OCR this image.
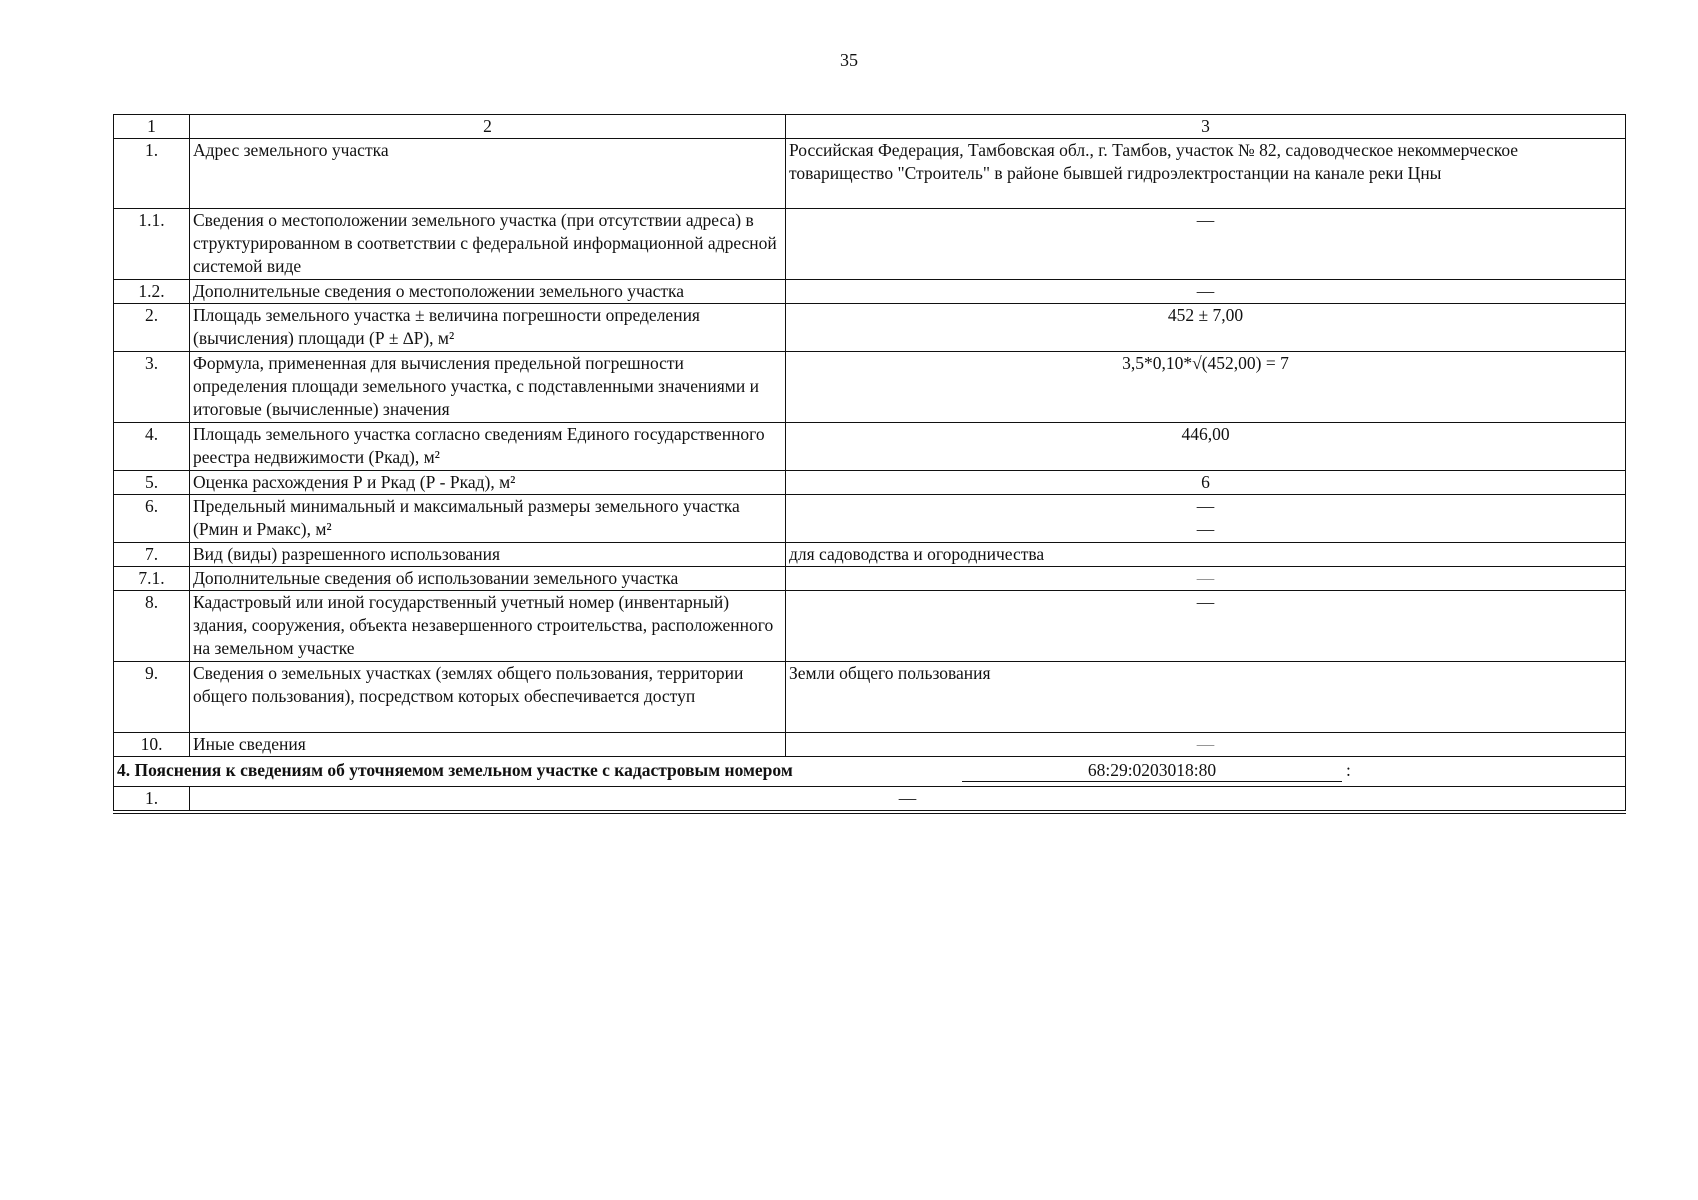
35
1	2	3
1.	Адрес земельного участка	Российская Федерация, Тамбовская обл., г. Тамбов, участок № 82, садоводческое некоммерческое товарищество "Строитель" в районе бывшей гидроэлектростанции на канале реки Цны
1.1.	Сведения о местоположении земельного участка (при отсутствии адреса) в структурированном в соответствии с федеральной информационной адресной системой виде	—
1.2.	Дополнительные сведения о местоположении земельного участка	—
2.	Площадь земельного участка ± величина погрешности определения (вычисления) площади (Р ± ∆Р), м²	452 ± 7,00
3.	Формула, примененная для вычисления предельной погрешности определения площади земельного участка, с подставленными значениями и итоговые (вычисленные) значения	3,5*0,10*√(452,00) = 7
4.	Площадь земельного участка согласно сведениям Единого государственного реестра недвижимости (Ркад), м²	446,00
5.	Оценка расхождения Р и Ркад (Р - Ркад), м²	6
6.	Предельный минимальный и максимальный размеры земельного участка (Рмин и Рмакс), м²	—
—

7.	Вид (виды) разрешенного использования	для садоводства и огородничества
7.1.	Дополнительные сведения об использовании земельного участка	—
8.	Кадастровый или иной государственный учетный номер (инвентарный) здания, сооружения, объекта незавершенного строительства, расположенного на земельном участке	—
9.	Сведения о земельных участках (землях общего пользования, территории общего пользования), посредством которых обеспечивается доступ	Земли общего пользования
10.	Иные сведения	—

4. Пояснения к сведениям об уточняемом земельном участке с кадастровым номером 68:29:0203018:80 :		

1.	—	
